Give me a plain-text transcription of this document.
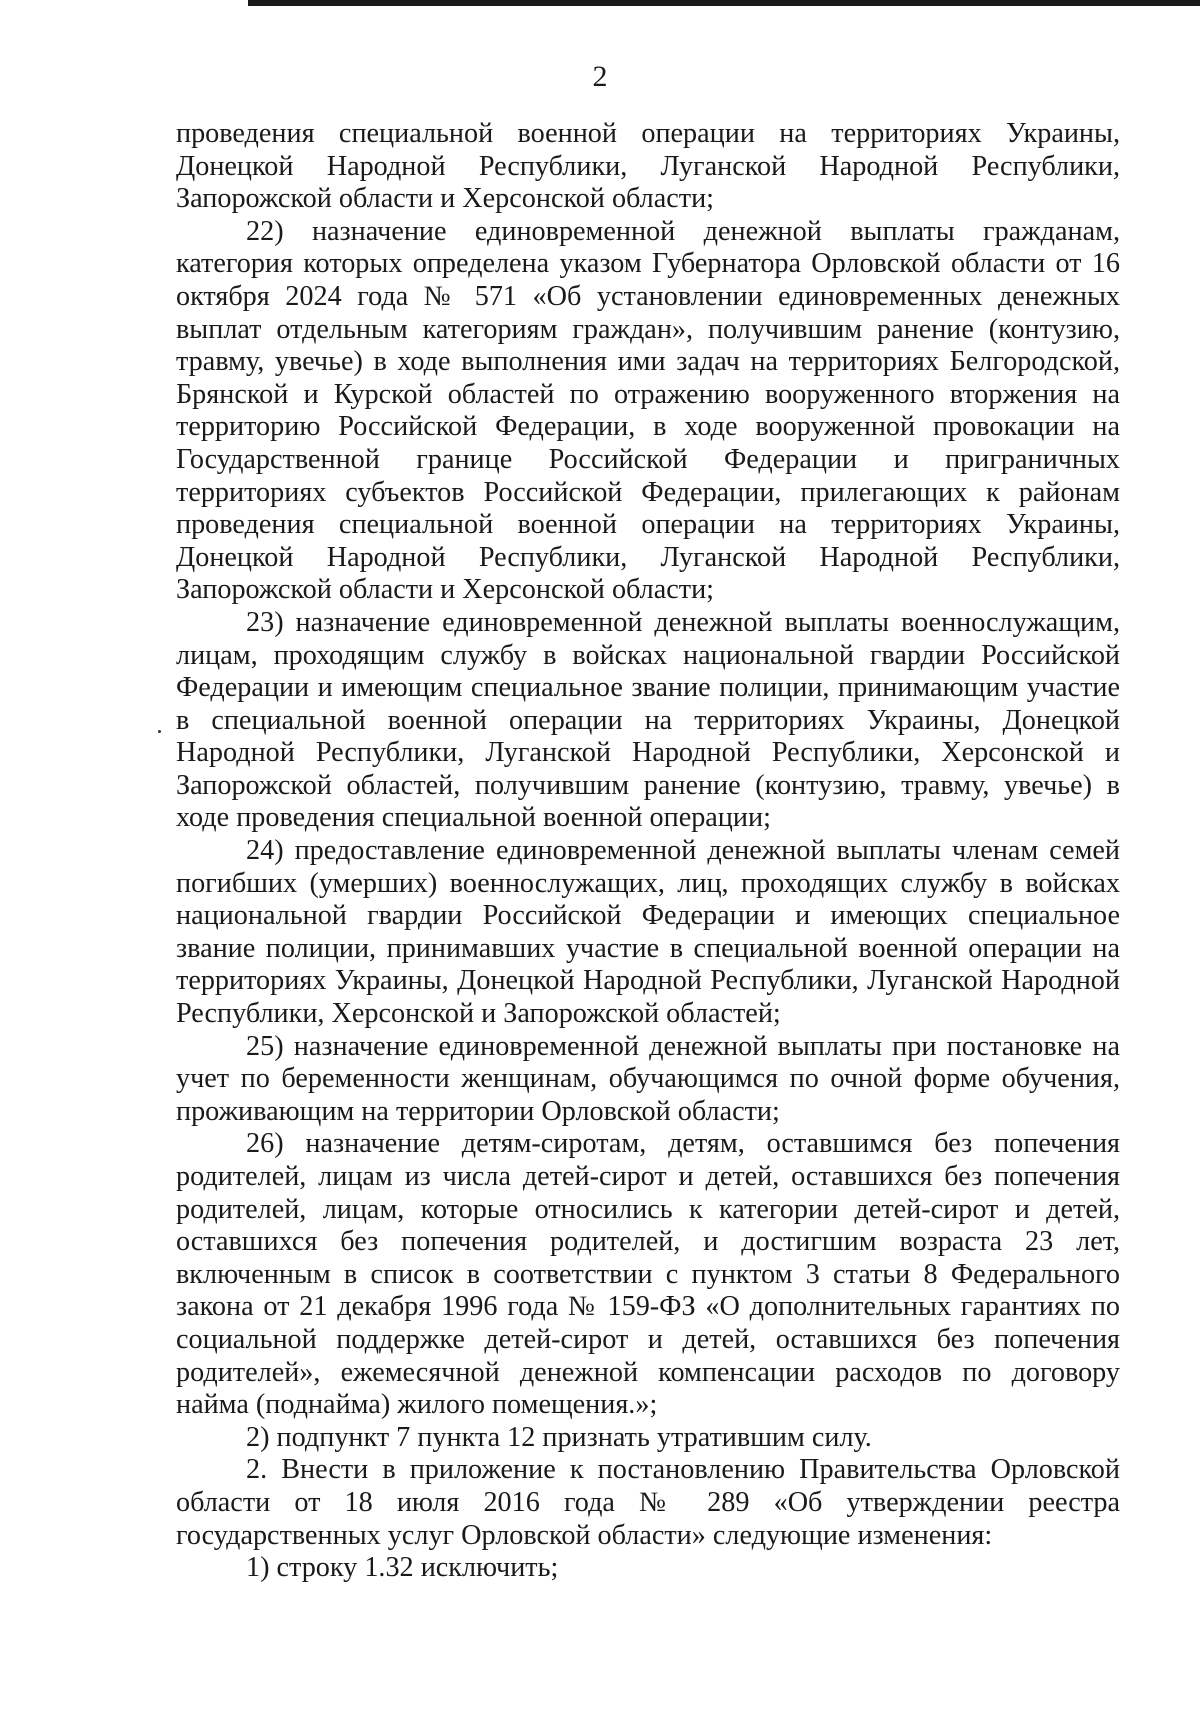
2

проведения специальной военной операции на территориях Украины, Донецкой Народной Республики, Луганской Народной Республики, Запорожской области и Херсонской области;

22) назначение единовременной денежной выплаты гражданам, категория которых определена указом Губернатора Орловской области от 16 октября 2024 года № 571 «Об установлении единовременных денежных выплат отдельным категориям граждан», получившим ранение (контузию, травму, увечье) в ходе выполнения ими задач на территориях Белгородской, Брянской и Курской областей по отражению вооруженного вторжения на территорию Российской Федерации, в ходе вооруженной провокации на Государственной границе Российской Федерации и приграничных территориях субъектов Российской Федерации, прилегающих к районам проведения специальной военной операции на территориях Украины, Донецкой Народной Республики, Луганской Народной Республики, Запорожской области и Херсонской области;

23) назначение единовременной денежной выплаты военнослужащим, лицам, проходящим службу в войсках национальной гвардии Российской Федерации и имеющим специальное звание полиции, принимающим участие в специальной военной операции на территориях Украины, Донецкой Народной Республики, Луганской Народной Республики, Херсонской и Запорожской областей, получившим ранение (контузию, травму, увечье) в ходе проведения специальной военной операции;

24) предоставление единовременной денежной выплаты членам семей погибших (умерших) военнослужащих, лиц, проходящих службу в войсках национальной гвардии Российской Федерации и имеющих специальное звание полиции, принимавших участие в специальной военной операции на территориях Украины, Донецкой Народной Республики, Луганской Народной Республики, Херсонской и Запорожской областей;

25) назначение единовременной денежной выплаты при постановке на учет по беременности женщинам, обучающимся по очной форме обучения, проживающим на территории Орловской области;

26) назначение детям-сиротам, детям, оставшимся без попечения родителей, лицам из числа детей-сирот и детей, оставшихся без попечения родителей, лицам, которые относились к категории детей-сирот и детей, оставшихся без попечения родителей, и достигшим возраста 23 лет, включенным в список в соответствии с пунктом 3 статьи 8 Федерального закона от 21 декабря 1996 года № 159-ФЗ «О дополнительных гарантиях по социальной поддержке детей-сирот и детей, оставшихся без попечения родителей», ежемесячной денежной компенсации расходов по договору найма (поднайма) жилого помещения.»;

2) подпункт 7 пункта 12 признать утратившим силу.

2. Внести в приложение к постановлению Правительства Орловской области от 18 июля 2016 года № 289 «Об утверждении реестра государственных услуг Орловской области» следующие изменения:

1) строку 1.32 исключить;
